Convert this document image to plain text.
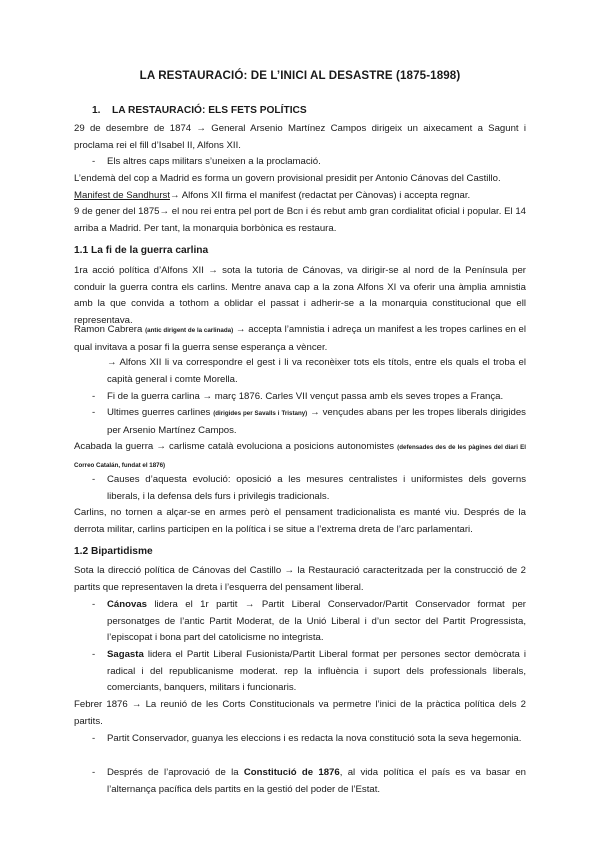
LA RESTAURACIÓ: DE L’INICI AL DESASTRE (1875-1898)
1. LA RESTAURACIÓ: ELS FETS POLÍTICS
29 de desembre de 1874 → General Arsenio Martínez Campos dirigeix un aixecament a Sagunt i proclama rei el fill d’Isabel II, Alfons XII.
- Els altres caps militars s’uneixen a la proclamació.
L’endemà del cop a Madrid es forma un govern provisional presidit per Antonio Cánovas del Castillo.
Manifest de Sandhurst→ Alfons XII firma el manifest (redactat per Cànovas) i accepta regnar.
9 de gener del 1875→ el nou rei entra pel port de Bcn i és rebut amb gran cordialitat oficial i popular. El 14 arriba a Madrid. Per tant, la monarquia borbònica es restaura.
1.1 La fi de la guerra carlina
1ra acció política d’Alfons XII → sota la tutoria de Cánovas, va dirigir-se al nord de la Península per conduir la guerra contra els carlins. Mentre anava cap a la zona Alfons XI va oferir una àmplia amnistia amb la que convida a tothom a oblidar el passat i adherir-se a la monarquia constitucional que ell representava.
Ramon Cabrera (antic dirigent de la carlinada) → accepta l’amnistia i adreça un manifest a les tropes carlines en el qual invitava a posar fi la guerra sense esperança a vèncer.
→ Alfons XII li va correspondre el gest i li va reconèixer tots els títols, entre els quals el troba el capità general i comte Morella.
- Fi de la guerra carlina → març 1876. Carles VII vençut passa amb els seves tropes a França.
- Ultimes guerres carlines (dirigides per Savalls i Tristany) → vençudes abans per les tropes liberals dirigides per Arsenio Martínez Campos.
Acabada la guerra → carlisme català evoluciona a posicions autonomistes (defensades des de les pàgines del diari El Correo Catalán, fundat el 1876)
- Causes d’aquesta evolució: oposició a les mesures centralistes i uniformistes dels governs liberals, i la defensa dels furs i privilegis tradicionals.
Carlins, no tornen a alçar-se en armes però el pensament tradicionalista es manté viu. Després de la derrota militar, carlins participen en la política i se situe a l’extrema dreta de l’arc parlamentari.
1.2 Bipartidisme
Sota la direcció política de Cánovas del Castillo → la Restauració caracteritzada per la construcció de 2 partits que representaven la dreta i l’esquerra del pensament liberal.
- Cánovas lidera el 1r partit → Partit Liberal Conservador/Partit Conservador format per personatges de l’antic Partit Moderat, de la Unió Liberal i d’un sector del Partit Progressista, l’episcopat i bona part del catolicisme no integrista.
- Sagasta lidera el Partit Liberal Fusionista/Partit Liberal format per persones sector demòcrata i radical i del republicanisme moderat. rep la influència i suport dels professionals liberals, comerciants, banquers, militars i funcionaris.
Febrer 1876 → La reunió de les Corts Constitucionals va permetre l’inici de la pràctica política dels 2 partits.
- Partit Conservador, guanya les eleccions i es redacta la nova constitució sota la seva hegemonia.
- Després de l’aprovació de la Constitució de 1876, al vida política el país es va basar en l’alternança pacífica dels partits en la gestió del poder de l’Estat.
